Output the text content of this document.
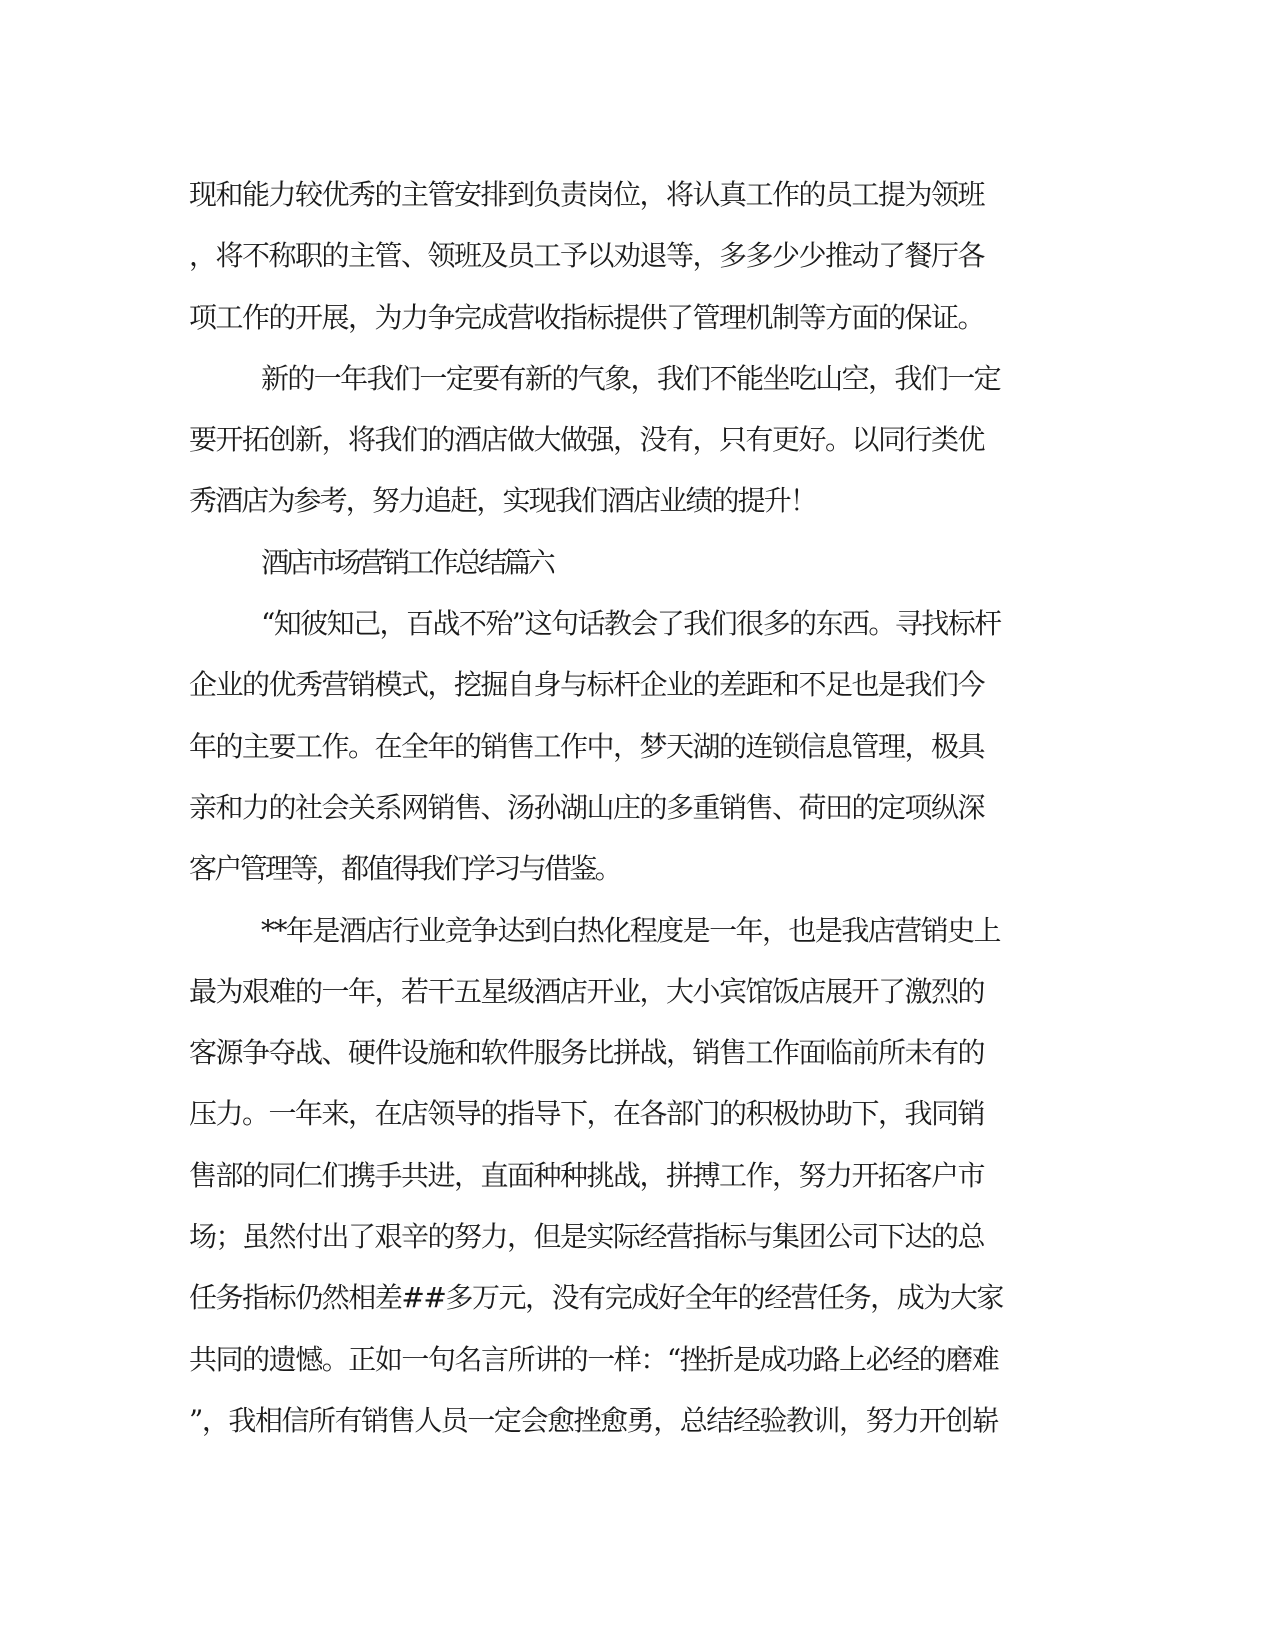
现和能力较优秀的主管安排到负责岗位，将认真工作的员工提为领班
，将不称职的主管、领班及员工予以劝退等，多多少少推动了餐厅各
项工作的开展，为力争完成营收指标提供了管理机制等方面的保证。
新的一年我们一定要有新的气象，我们不能坐吃山空，我们一定
要开拓创新，将我们的酒店做大做强，没有，只有更好。以同行类优
秀酒店为参考，努力追赶，实现我们酒店业绩的提升！
酒店市场营销工作总结篇六
“知彼知己，百战不殆”这句话教会了我们很多的东西。寻找标杆
企业的优秀营销模式，挖掘自身与标杆企业的差距和不足也是我们今
年的主要工作。在全年的销售工作中，梦天湖的连锁信息管理，极具
亲和力的社会关系网销售、汤孙湖山庄的多重销售、荷田的定项纵深
客户管理等，都值得我们学习与借鉴。
**年是酒店行业竞争达到白热化程度是一年，也是我店营销史上
最为艰难的一年，若干五星级酒店开业，大小宾馆饭店展开了激烈的
客源争夺战、硬件设施和软件服务比拼战，销售工作面临前所未有的
压力。一年来，在店领导的指导下，在各部门的积极协助下，我同销
售部的同仁们携手共进，直面种种挑战，拼搏工作，努力开拓客户市
场；虽然付出了艰辛的努力，但是实际经营指标与集团公司下达的总
任务指标仍然相差##多万元，没有完成好全年的经营任务，成为大家
共同的遗憾。正如一句名言所讲的一样：“挫折是成功路上必经的磨难
”，我相信所有销售人员一定会愈挫愈勇，总结经验教训，努力开创崭
